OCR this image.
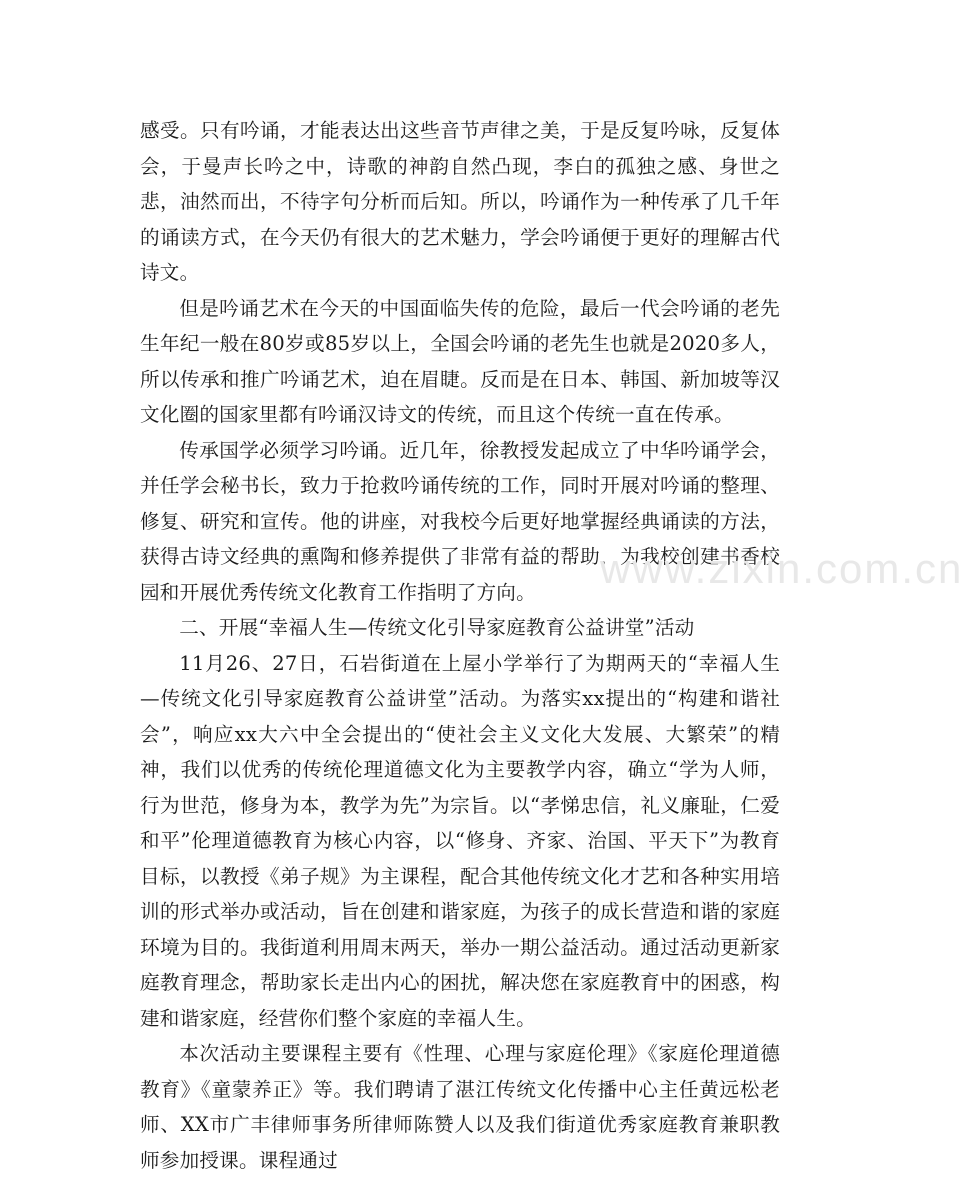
感受。只有吟诵，才能表达出这些音节声律之美，于是反复吟咏，反复体会，于曼声长吟之中，诗歌的神韵自然凸现，李白的孤独之感、身世之悲，油然而出，不待字句分析而后知。所以，吟诵作为一种传承了几千年的诵读方式，在今天仍有很大的艺术魅力，学会吟诵便于更好的理解古代诗文。

但是吟诵艺术在今天的中国面临失传的危险，最后一代会吟诵的老先生年纪一般在80岁或85岁以上，全国会吟诵的老先生也就是2020多人，所以传承和推广吟诵艺术，迫在眉睫。反而是在日本、韩国、新加坡等汉文化圈的国家里都有吟诵汉诗文的传统，而且这个传统一直在传承。

传承国学必须学习吟诵。近几年，徐教授发起成立了中华吟诵学会，并任学会秘书长，致力于抢救吟诵传统的工作，同时开展对吟诵的整理、修复、研究和宣传。他的讲座，对我校今后更好地掌握经典诵读的方法，获得古诗文经典的熏陶和修养提供了非常有益的帮助，为我校创建书香校园和开展优秀传统文化教育工作指明了方向。

二、开展“幸福人生—传统文化引导家庭教育公益讲堂”活动

11月26、27日，石岩街道在上屋小学举行了为期两天的“幸福人生—传统文化引导家庭教育公益讲堂”活动。为落实xx提出的“构建和谐社会”，响应xx大六中全会提出的“使社会主义文化大发展、大繁荣”的精神，我们以优秀的传统伦理道德文化为主要教学内容，确立“学为人师，行为世范，修身为本，教学为先”为宗旨。以“孝悌忠信，礼义廉耻，仁爱和平”伦理道德教育为核心内容，以“修身、齐家、治国、平天下”为教育目标，以教授《弟子规》为主课程，配合其他传统文化才艺和各种实用培训的形式举办或活动，旨在创建和谐家庭，为孩子的成长营造和谐的家庭环境为目的。我街道利用周末两天，举办一期公益活动。通过活动更新家庭教育理念，帮助家长走出内心的困扰，解决您在家庭教育中的困惑，构建和谐家庭，经营你们整个家庭的幸福人生。

本次活动主要课程主要有《性理、心理与家庭伦理》《家庭伦理道德教育》《童蒙养正》等。我们聘请了湛江传统文化传播中心主任黄远松老师、XX市广丰律师事务所律师陈赞人以及我们街道优秀家庭教育兼职教师参加授课。课程通过

www.zixin.com.cn
